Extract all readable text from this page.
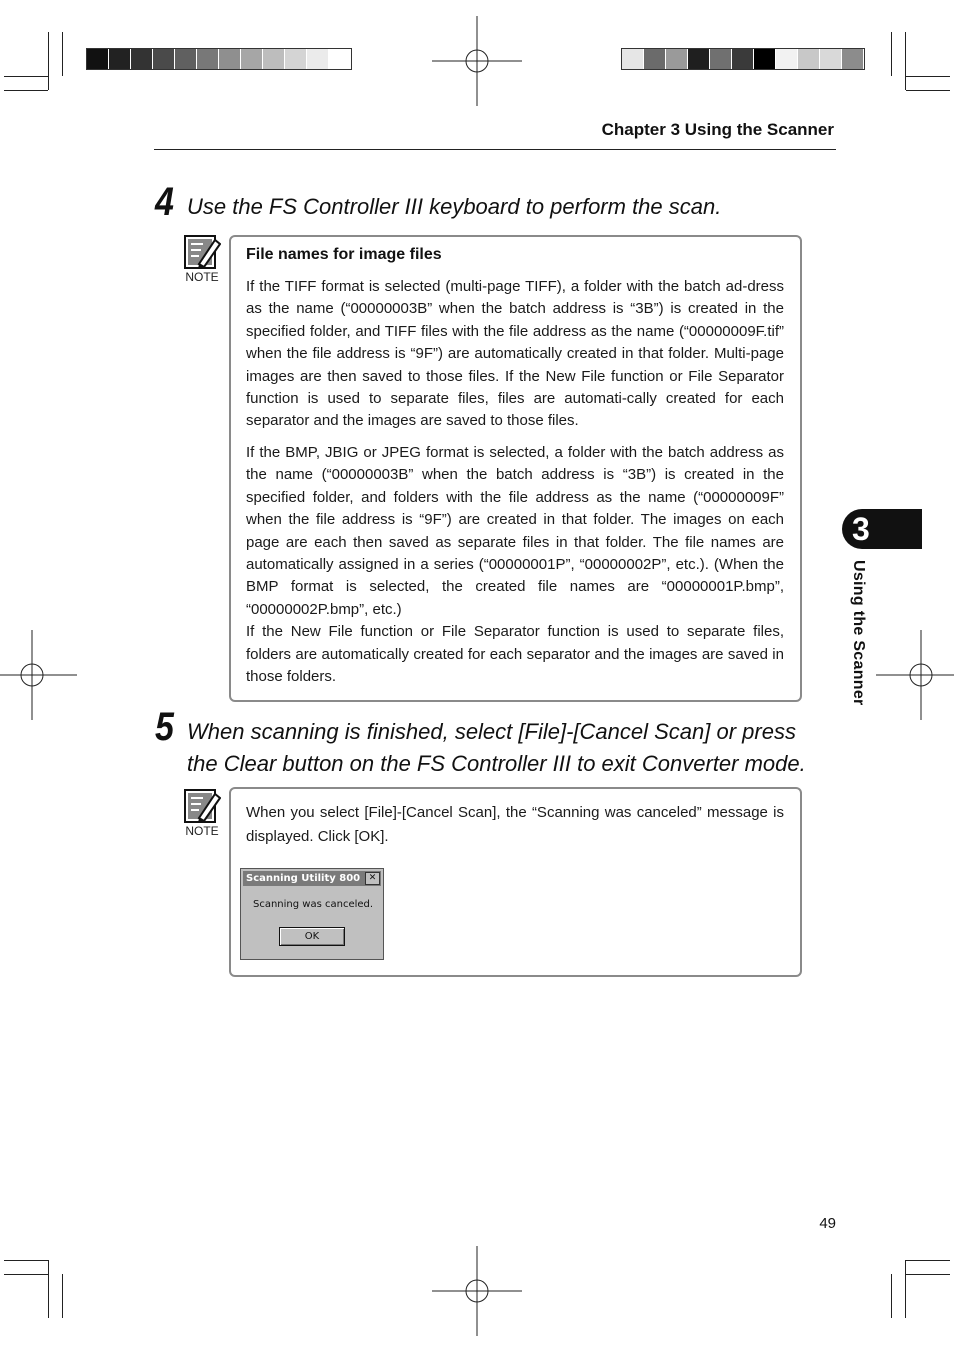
Chapter 3 Using the Scanner
4 Use the FS Controller III keyboard to perform the scan.
NOTE
File names for image files

If the TIFF format is selected (multi-page TIFF), a folder with the batch ad-dress as the name (“00000003B” when the batch address is “3B”) is created in the specified folder, and TIFF files with the file address as the name (“00000009F.tif” when the file address is “9F”) are automatically created in that folder. Multi-page images are then saved to those files. If the New File function or File Separator function is used to separate files, files are automati-cally created for each separator and the images are saved to those files.

If the BMP, JBIG or JPEG format is selected, a folder with the batch address as the name (“00000003B” when the batch address is “3B”) is created in the specified folder, and folders with the file address as the name (“00000009F” when the file address is “9F”) are created in that folder. The images on each page are each then saved as separate files in that folder. The file names are automatically assigned in a series (“00000001P”, “00000002P”, etc.). (When the BMP format is selected, the created file names are “00000001P.bmp”, “00000002P.bmp”, etc.)

If the New File function or File Separator function is used to separate files, folders are automatically created for each separator and the images are saved in those folders.

5 When scanning is finished, select [File]-[Cancel Scan] or press
the Clear button on the FS Controller III to exit Converter mode.
NOTE

When you select [File]-[Cancel Scan], the “Scanning was canceled” message is displayed. Click [OK].

Scanning Utility 800 ✕
Scanning was canceled.
OK
3
Using the Scanner
49
